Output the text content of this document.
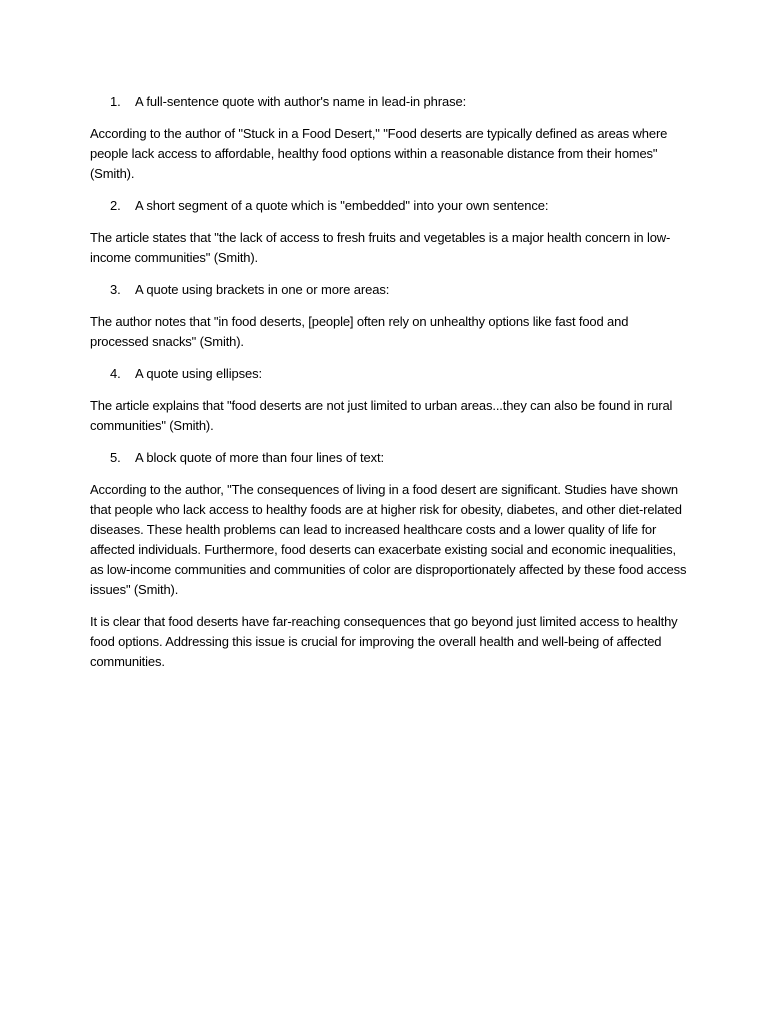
1.	A full-sentence quote with author's name in lead-in phrase:

According to the author of "Stuck in a Food Desert," "Food deserts are typically defined as areas where people lack access to affordable, healthy food options within a reasonable distance from their homes" (Smith).

2.	A short segment of a quote which is "embedded" into your own sentence:

The article states that "the lack of access to fresh fruits and vegetables is a major health concern in low-income communities" (Smith).

3.	A quote using brackets in one or more areas:

The author notes that "in food deserts, [people] often rely on unhealthy options like fast food and processed snacks" (Smith).

4.	A quote using ellipses:

The article explains that "food deserts are not just limited to urban areas...they can also be found in rural communities" (Smith).

5.	A block quote of more than four lines of text:

According to the author, "The consequences of living in a food desert are significant. Studies have shown that people who lack access to healthy foods are at higher risk for obesity, diabetes, and other diet-related diseases. These health problems can lead to increased healthcare costs and a lower quality of life for affected individuals. Furthermore, food deserts can exacerbate existing social and economic inequalities, as low-income communities and communities of color are disproportionately affected by these food access issues" (Smith).

It is clear that food deserts have far-reaching consequences that go beyond just limited access to healthy food options. Addressing this issue is crucial for improving the overall health and well-being of affected communities.
